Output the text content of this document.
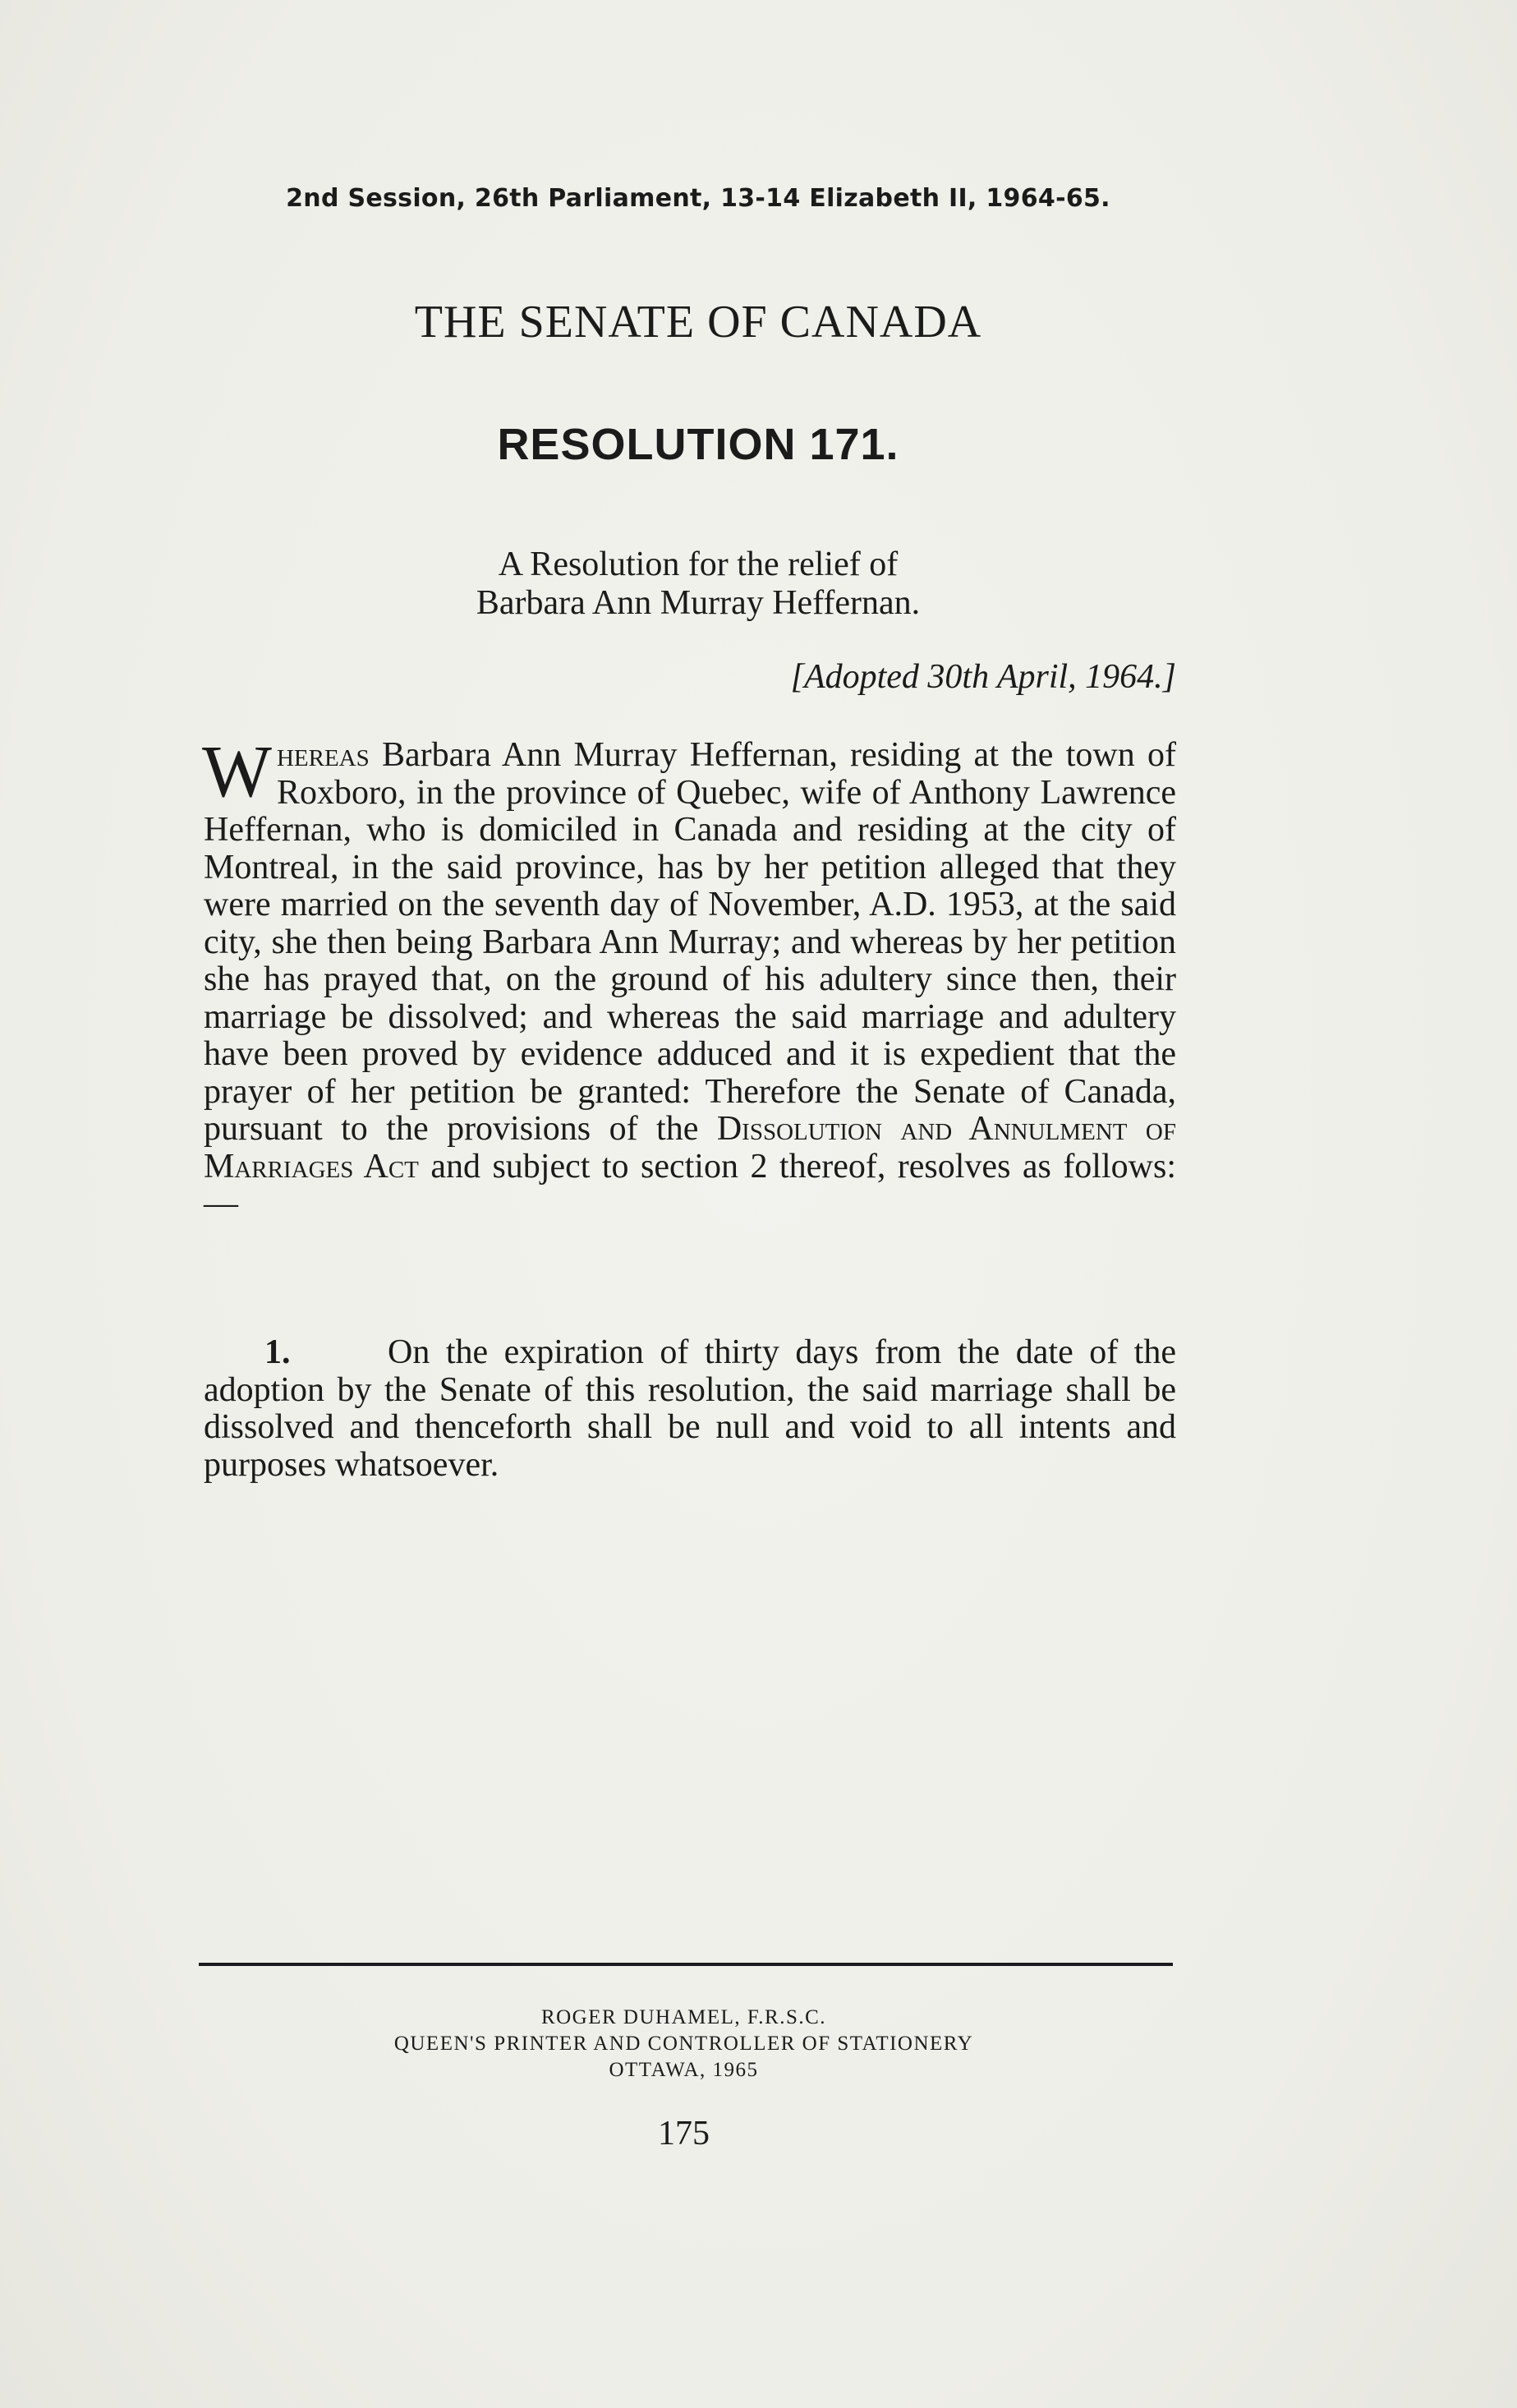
2nd Session, 26th Parliament, 13-14 Elizabeth II, 1964-65.
THE SENATE OF CANADA
RESOLUTION 171.
A Resolution for the relief of
Barbara Ann Murray Heffernan.
[Adopted 30th April, 1964.]
Whereas Barbara Ann Murray Heffernan, residing at the town of Roxboro, in the province of Quebec, wife of Anthony Lawrence Heffernan, who is domiciled in Canada and residing at the city of Montreal, in the said province, has by her petition alleged that they were married on the seventh day of November, A.D. 1953, at the said city, she then being Barbara Ann Murray; and whereas by her petition she has prayed that, on the ground of his adultery since then, their marriage be dissolved; and whereas the said marriage and adultery have been proved by evidence adduced and it is expedient that the prayer of her petition be granted: Therefore the Senate of Canada, pursuant to the provisions of the Dissolution and Annulment of Marriages Act and subject to section 2 thereof, resolves as follows:—
1.	On the expiration of thirty days from the date of the adoption by the Senate of this resolution, the said marriage shall be dissolved and thenceforth shall be null and void to all intents and purposes whatsoever.
ROGER DUHAMEL, F.R.S.C.
QUEEN'S PRINTER AND CONTROLLER OF STATIONERY
OTTAWA, 1965
175
